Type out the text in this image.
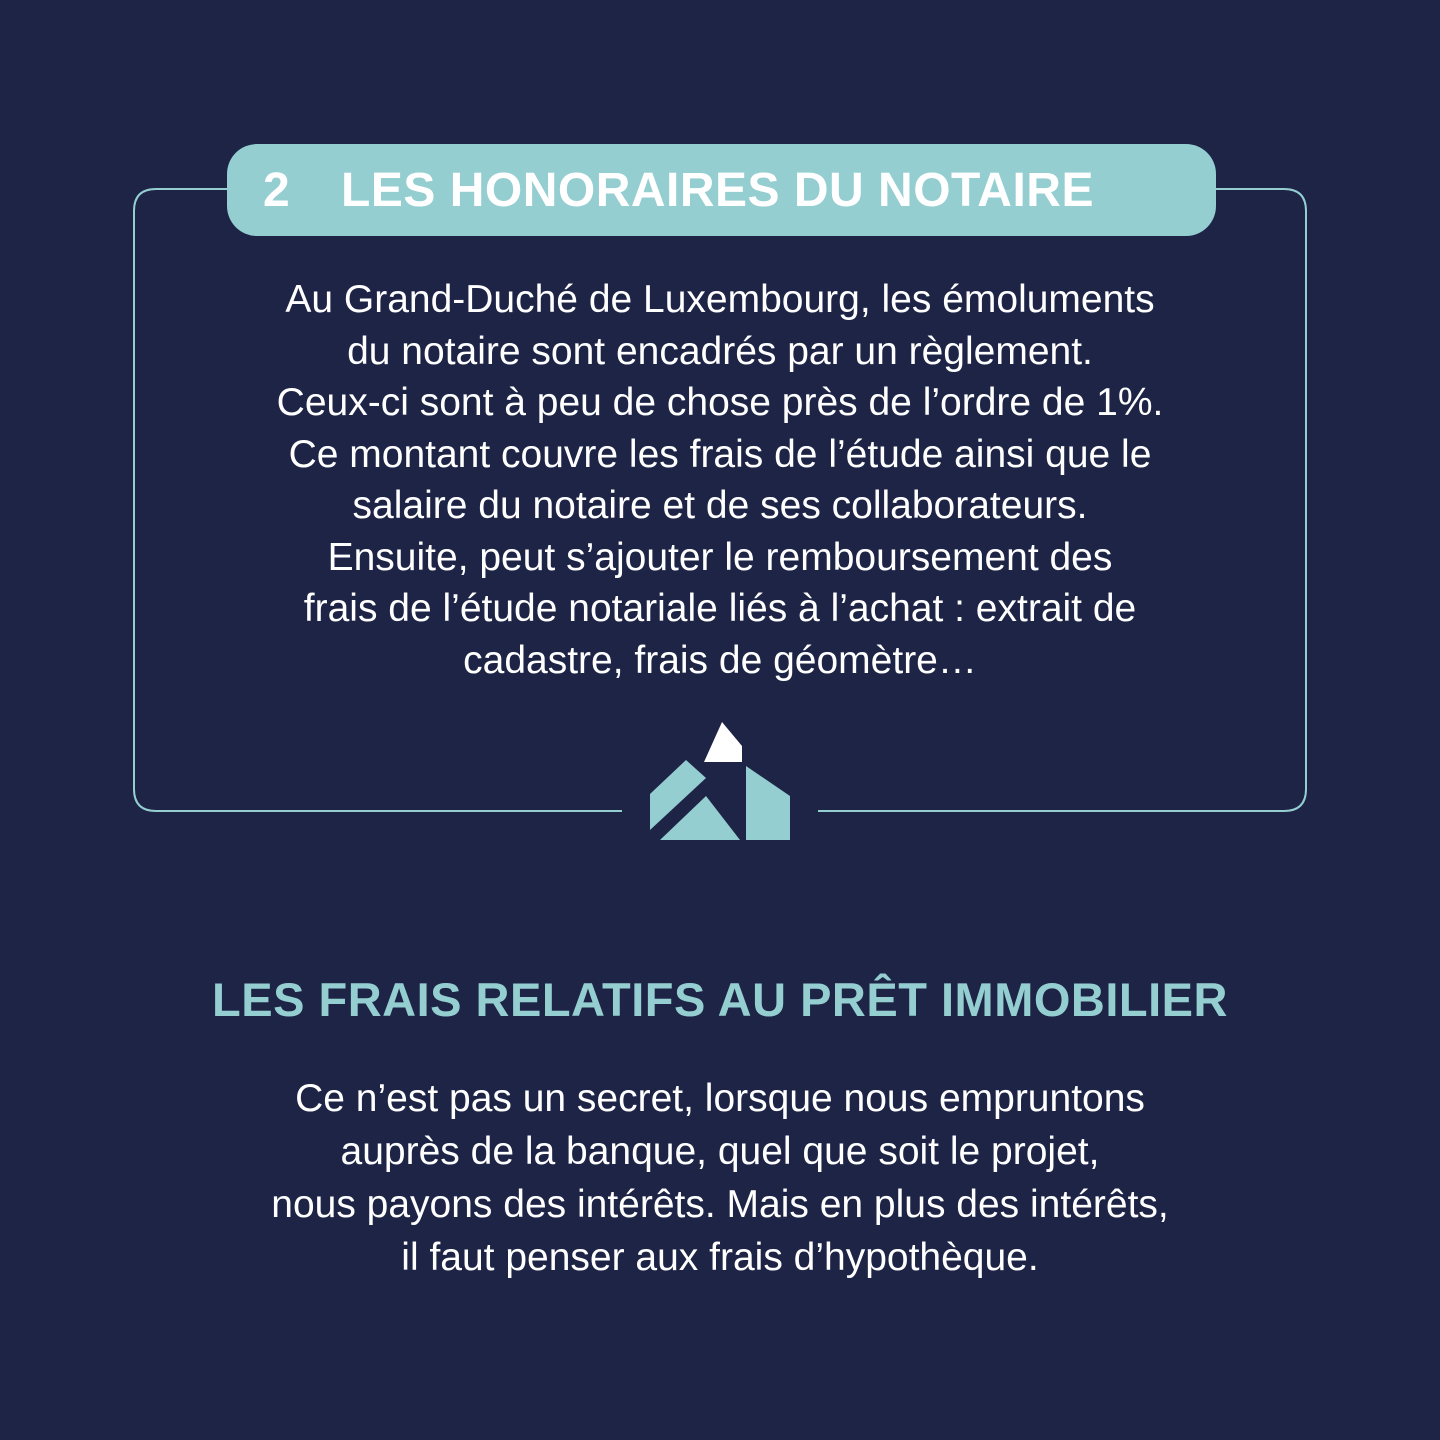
2	LES HONORAIRES DU NOTAIRE

Au Grand-Duché de Luxembourg, les émoluments
du notaire sont encadrés par un règlement.
Ceux-ci sont à peu de chose près de l’ordre de 1%.
Ce montant couvre les frais de l’étude ainsi que le
salaire du notaire et de ses collaborateurs.
Ensuite, peut s’ajouter le remboursement des
frais de l’étude notariale liés à l’achat : extrait de
cadastre, frais de géomètre…

LES FRAIS RELATIFS AU PRÊT IMMOBILIER

Ce n’est pas un secret, lorsque nous empruntons
auprès de la banque, quel que soit le projet,
nous payons des intérêts. Mais en plus des intérêts,
il faut penser aux frais d’hypothèque.
